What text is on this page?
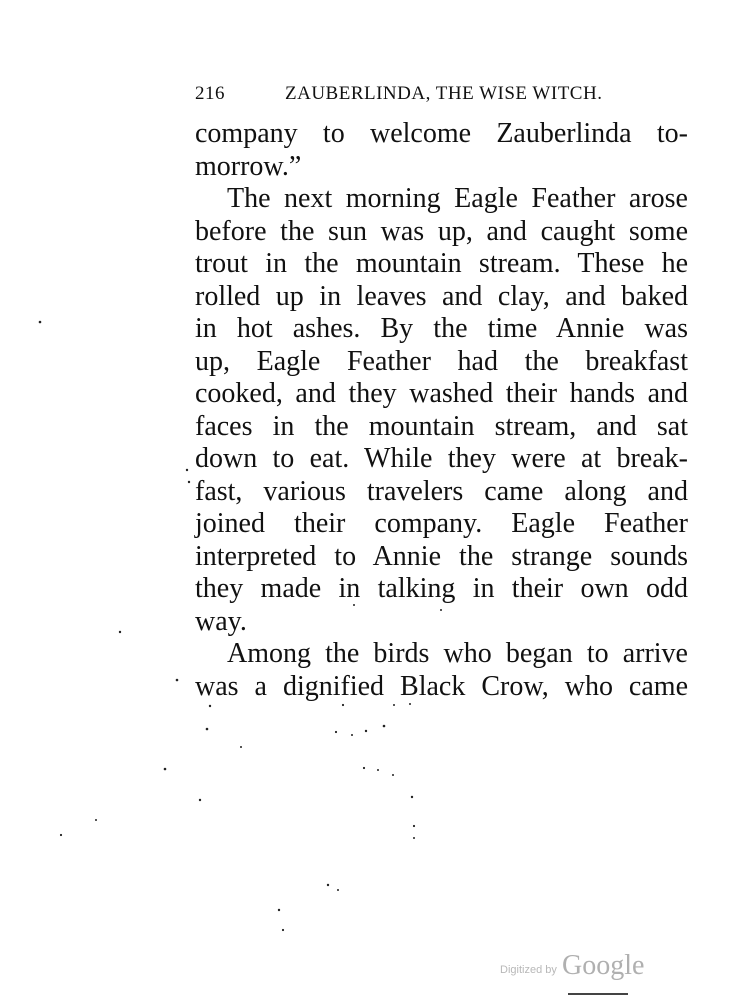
216	ZAUBERLINDA, THE WISE WITCH.
company to welcome Zauberlinda to-
morrow.”
The next morning Eagle Feather arose
before the sun was up, and caught some
trout in the mountain stream. These he
rolled up in leaves and clay, and baked
in hot ashes. By the time Annie was
up, Eagle Feather had the breakfast
cooked, and they washed their hands and
faces in the mountain stream, and sat
down to eat. While they were at break-
fast, various travelers came along and
joined their company. Eagle Feather
interpreted to Annie the strange sounds
they made in talking in their own odd
way.
Among the birds who began to arrive
was a dignified Black Crow, who came
Digitized by Google
